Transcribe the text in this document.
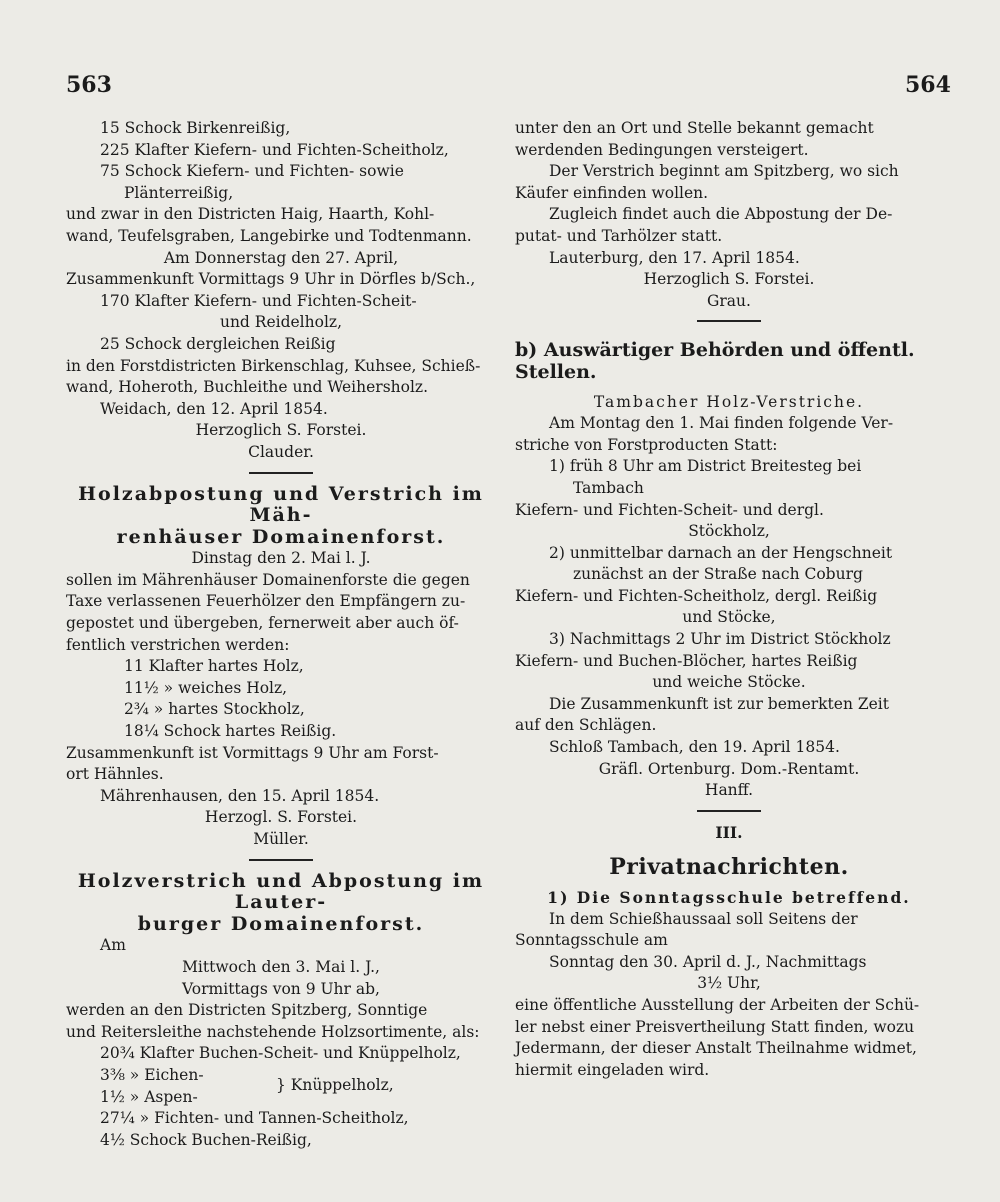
563	564

15 Schock Birkenreißig,

225 Klafter Kiefern- und Fichten-Scheitholz,

75 Schock Kiefern- und Fichten- sowie

Plänterreißig,

und zwar in den Districten Haig, Haarth, Kohl-

wand, Teufelsgraben, Langebirke und Todtenmann.

Am Donnerstag den 27. April,

Zusammenkunft Vormittags 9 Uhr in Dörfles b/Sch.,

170 Klafter Kiefern- und Fichten-Scheit-

und Reidelholz,

25 Schock dergleichen Reißig

in den Forstdistricten Birkenschlag, Kuhsee, Schieß-

wand, Hoheroth, Buchleithe und Weihersholz.

Weidach, den 12. April 1854.

Herzoglich S. Forstei.

Clauder.

Holzabpostung und Verstrich im Mäh-

renhäuser Domainenforst.

Dinstag den 2. Mai l. J.

sollen im Mährenhäuser Domainenforste die gegen

Taxe verlassenen Feuerhölzer den Empfängern zu-

gepostet und übergeben, fernerweit aber auch öf-

fentlich verstrichen werden:

11 Klafter hartes Holz,

11½ » weiches Holz,

2¾ » hartes Stockholz,

18¼ Schock hartes Reißig.

Zusammenkunft ist Vormittags 9 Uhr am Forst-

ort Hähnles.

Mährenhausen, den 15. April 1854.

Herzogl. S. Forstei.

Müller.

Holzverstrich und Abpostung im Lauter-

burger Domainenforst.

Am

Mittwoch den 3. Mai l. J.,

Vormittags von 9 Uhr ab,

werden an den Districten Spitzberg, Sonntige

und Reitersleithe nachstehende Holzsortimente, als:

20¾ Klafter Buchen-Scheit- und Knüppelholz,

3⅜ » Eichen-

1½ » Aspen-

} Knüppelholz,

27¼ » Fichten- und Tannen-Scheitholz,

4½ Schock Buchen-Reißig,

unter den an Ort und Stelle bekannt gemacht

werdenden Bedingungen versteigert.

Der Verstrich beginnt am Spitzberg, wo sich

Käufer einfinden wollen.

Zugleich findet auch die Abpostung der De-

putat- und Tarhölzer statt.

Lauterburg, den 17. April 1854.

Herzoglich S. Forstei.

Grau.

b) Auswärtiger Behörden und öffentl. Stellen.

Tambacher Holz-Verstriche.

Am Montag den 1. Mai finden folgende Ver-

striche von Forstproducten Statt:

1) früh 8 Uhr am District Breitesteg bei

Tambach

Kiefern- und Fichten-Scheit- und dergl.

Stöckholz,

2) unmittelbar darnach an der Hengschneit

zunächst an der Straße nach Coburg

Kiefern- und Fichten-Scheitholz, dergl. Reißig

und Stöcke,

3) Nachmittags 2 Uhr im District Stöckholz

Kiefern- und Buchen-Blöcher, hartes Reißig

und weiche Stöcke.

Die Zusammenkunft ist zur bemerkten Zeit

auf den Schlägen.

Schloß Tambach, den 19. April 1854.

Gräfl. Ortenburg. Dom.-Rentamt.

Hanff.

III.

Privatnachrichten.

1) Die Sonntagsschule betreffend.

In dem Schießhaussaal soll Seitens der

Sonntagsschule am

Sonntag den 30. April d. J., Nachmittags

3½ Uhr,

eine öffentliche Ausstellung der Arbeiten der Schü-

ler nebst einer Preisvertheilung Statt finden, wozu

Jedermann, der dieser Anstalt Theilnahme widmet,

hiermit eingeladen wird.
